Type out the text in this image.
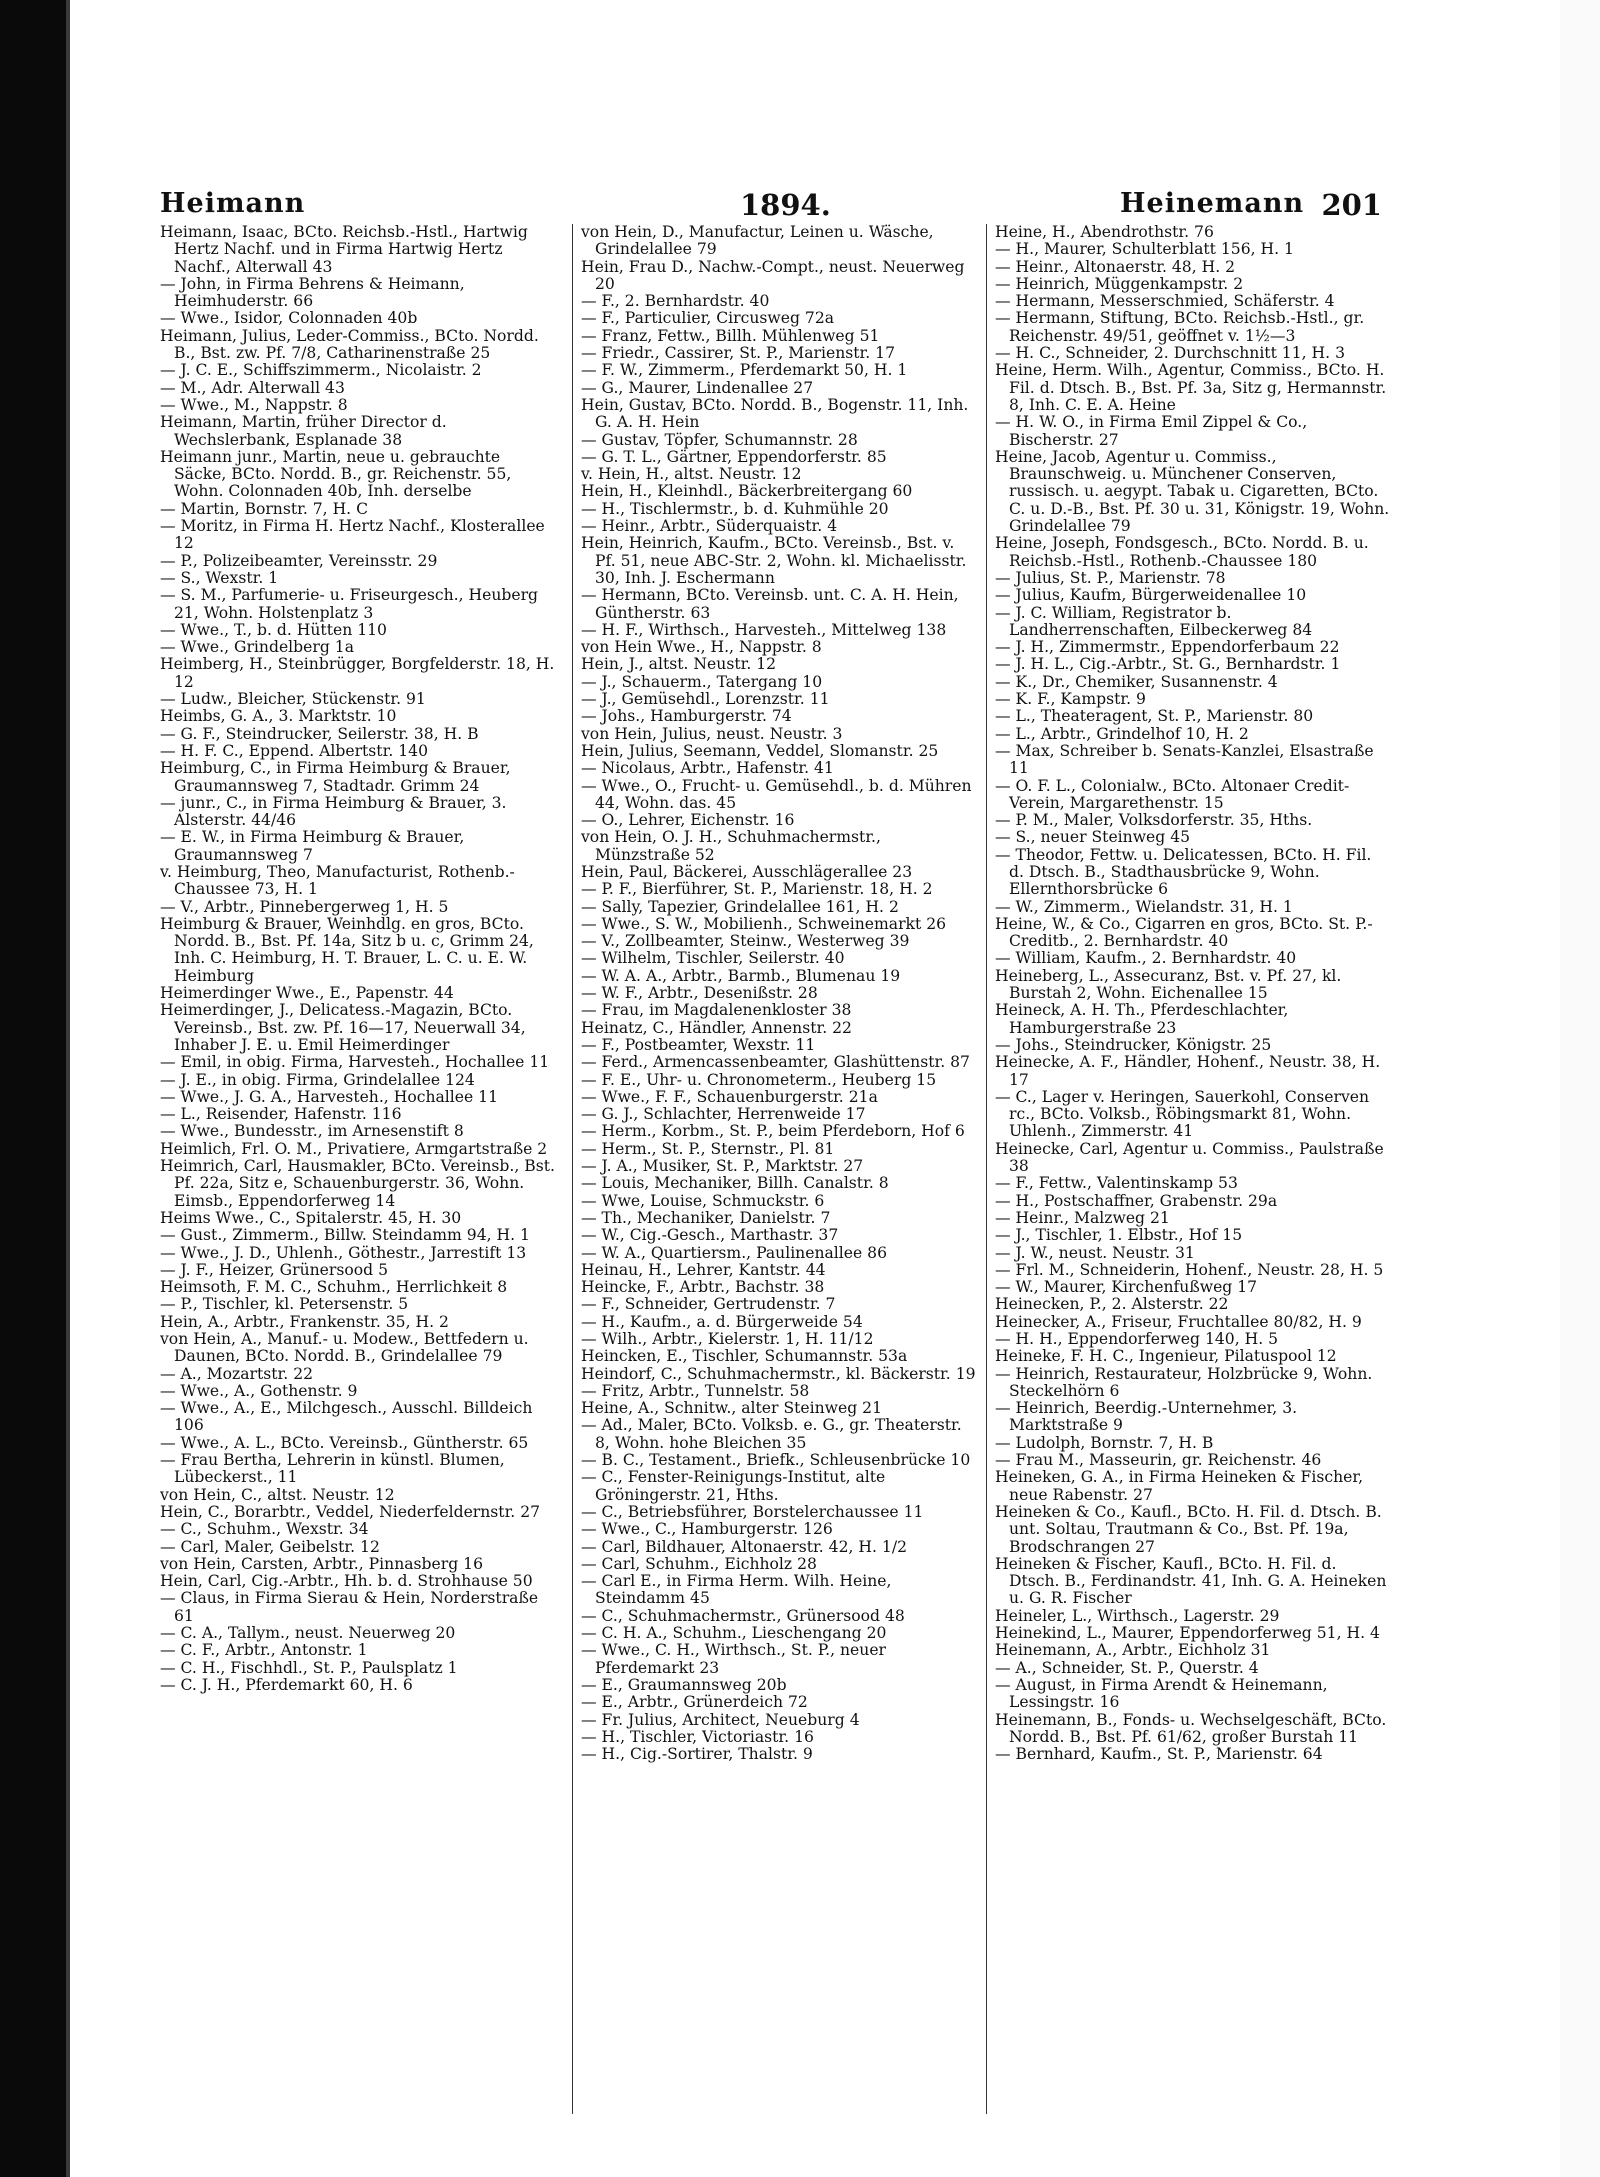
Heimann	1894.	Heinemann 201

Heimann, Isaac, BCto. Reichsb.-Hstl., Hartwig Hertz Nachf. und in Firma Hartwig Hertz Nachf., Alterwall 43

— John, in Firma Behrens & Heimann, Heimhuderstr. 66

— Wwe., Isidor, Colonnaden 40b

Heimann, Julius, Leder-Commiss., BCto. Nordd. B., Bst. zw. Pf. 7/8, Catharinenstraße 25

— J. C. E., Schiffszimmerm., Nicolaistr. 2

— M., Adr. Alterwall 43

— Wwe., M., Nappstr. 8

Heimann, Martin, früher Director d. Wechslerbank, Esplanade 38

Heimann junr., Martin, neue u. gebrauchte Säcke, BCto. Nordd. B., gr. Reichenstr. 55, Wohn. Colonnaden 40b, Inh. derselbe

— Martin, Bornstr. 7, H. C

— Moritz, in Firma H. Hertz Nachf., Klosterallee 12

— P., Polizeibeamter, Vereinsstr. 29

— S., Wexstr. 1

— S. M., Parfumerie- u. Friseurgesch., Heuberg 21, Wohn. Holstenplatz 3

— Wwe., T., b. d. Hütten 110

— Wwe., Grindelberg 1a

Heimberg, H., Steinbrügger, Borgfelderstr. 18, H. 12

— Ludw., Bleicher, Stückenstr. 91

Heimbs, G. A., 3. Marktstr. 10

— G. F., Steindrucker, Seilerstr. 38, H. B

— H. F. C., Eppend. Albertstr. 140

Heimburg, C., in Firma Heimburg & Brauer, Graumannsweg 7, Stadtadr. Grimm 24

— junr., C., in Firma Heimburg & Brauer, 3. Alsterstr. 44/46

— E. W., in Firma Heimburg & Brauer, Graumannsweg 7

v. Heimburg, Theo, Manufacturist, Rothenb.-Chaussee 73, H. 1

— V., Arbtr., Pinnebergerweg 1, H. 5

Heimburg & Brauer, Weinhdlg. en gros, BCto. Nordd. B., Bst. Pf. 14a, Sitz b u. c, Grimm 24, Inh. C. Heimburg, H. T. Brauer, L. C. u. E. W. Heimburg

Heimerdinger Wwe., E., Papenstr. 44

Heimerdinger, J., Delicatess.-Magazin, BCto. Vereinsb., Bst. zw. Pf. 16—17, Neuerwall 34, Inhaber J. E. u. Emil Heimerdinger

— Emil, in obig. Firma, Harvesteh., Hochallee 11

— J. E., in obig. Firma, Grindelallee 124

— Wwe., J. G. A., Harvesteh., Hochallee 11

— L., Reisender, Hafenstr. 116

— Wwe., Bundesstr., im Arnesenstift 8

Heimlich, Frl. O. M., Privatiere, Armgartstraße 2

Heimrich, Carl, Hausmakler, BCto. Vereinsb., Bst. Pf. 22a, Sitz e, Schauenburgerstr. 36, Wohn. Eimsb., Eppendorferweg 14

Heims Wwe., C., Spitalerstr. 45, H. 30

— Gust., Zimmerm., Billw. Steindamm 94, H. 1

— Wwe., J. D., Uhlenh., Göthestr., Jarrestift 13

— J. F., Heizer, Grünersood 5

Heimsoth, F. M. C., Schuhm., Herrlichkeit 8

— P., Tischler, kl. Petersenstr. 5

Hein, A., Arbtr., Frankenstr. 35, H. 2

von Hein, A., Manuf.- u. Modew., Bettfedern u. Daunen, BCto. Nordd. B., Grindelallee 79

— A., Mozartstr. 22

— Wwe., A., Gothenstr. 9

— Wwe., A., E., Milchgesch., Ausschl. Billdeich 106

— Wwe., A. L., BCto. Vereinsb., Güntherstr. 65

— Frau Bertha, Lehrerin in künstl. Blumen, Lübeckerst., 11

von Hein, C., altst. Neustr. 12

Hein, C., Borarbtr., Veddel, Niederfeldernstr. 27

— C., Schuhm., Wexstr. 34

— Carl, Maler, Geibelstr. 12

von Hein, Carsten, Arbtr., Pinnasberg 16

Hein, Carl, Cig.-Arbtr., Hh. b. d. Strohhause 50

— Claus, in Firma Sierau & Hein, Norderstraße 61

— C. A., Tallym., neust. Neuerweg 20

— C. F., Arbtr., Antonstr. 1

— C. H., Fischhdl., St. P., Paulsplatz 1

— C. J. H., Pferdemarkt 60, H. 6

von Hein, D., Manufactur, Leinen u. Wäsche, Grindelallee 79

Hein, Frau D., Nachw.-Compt., neust. Neuerweg 20

— F., 2. Bernhardstr. 40

— F., Particulier, Circusweg 72a

— Franz, Fettw., Billh. Mühlenweg 51

— Friedr., Cassirer, St. P., Marienstr. 17

— F. W., Zimmerm., Pferdemarkt 50, H. 1

— G., Maurer, Lindenallee 27

Hein, Gustav, BCto. Nordd. B., Bogenstr. 11, Inh. G. A. H. Hein

— Gustav, Töpfer, Schumannstr. 28

— G. T. L., Gärtner, Eppendorferstr. 85

v. Hein, H., altst. Neustr. 12

Hein, H., Kleinhdl., Bäckerbreitergang 60

— H., Tischlermstr., b. d. Kuhmühle 20

— Heinr., Arbtr., Süderquaistr. 4

Hein, Heinrich, Kaufm., BCto. Vereinsb., Bst. v. Pf. 51, neue ABC-Str. 2, Wohn. kl. Michaelisstr. 30, Inh. J. Eschermann

— Hermann, BCto. Vereinsb. unt. C. A. H. Hein, Güntherstr. 63

— H. F., Wirthsch., Harvesteh., Mittelweg 138

von Hein Wwe., H., Nappstr. 8

Hein, J., altst. Neustr. 12

— J., Schauerm., Tatergang 10

— J., Gemüsehdl., Lorenzstr. 11

— Johs., Hamburgerstr. 74

von Hein, Julius, neust. Neustr. 3

Hein, Julius, Seemann, Veddel, Slomanstr. 25

— Nicolaus, Arbtr., Hafenstr. 41

— Wwe., O., Frucht- u. Gemüsehdl., b. d. Mühren 44, Wohn. das. 45

— O., Lehrer, Eichenstr. 16

von Hein, O. J. H., Schuhmachermstr., Münzstraße 52

Hein, Paul, Bäckerei, Ausschlägerallee 23

— P. F., Bierführer, St. P., Marienstr. 18, H. 2

— Sally, Tapezier, Grindelallee 161, H. 2

— Wwe., S. W., Mobilienh., Schweinemarkt 26

— V., Zollbeamter, Steinw., Westerweg 39

— Wilhelm, Tischler, Seilerstr. 40

— W. A. A., Arbtr., Barmb., Blumenau 19

— W. F., Arbtr., Desenißstr. 28

— Frau, im Magdalenenkloster 38

Heinatz, C., Händler, Annenstr. 22

— F., Postbeamter, Wexstr. 11

— Ferd., Armencassenbeamter, Glashüttenstr. 87

— F. E., Uhr- u. Chronometerm., Heuberg 15

— Wwe., F. F., Schauenburgerstr. 21a

— G. J., Schlachter, Herrenweide 17

— Herm., Korbm., St. P., beim Pferdeborn, Hof 6

— Herm., St. P., Sternstr., Pl. 81

— J. A., Musiker, St. P., Marktstr. 27

— Louis, Mechaniker, Billh. Canalstr. 8

— Wwe, Louise, Schmuckstr. 6

— Th., Mechaniker, Danielstr. 7

— W., Cig.-Gesch., Marthastr. 37

— W. A., Quartiersm., Paulinenallee 86

Heinau, H., Lehrer, Kantstr. 44

Heincke, F., Arbtr., Bachstr. 38

— F., Schneider, Gertrudenstr. 7

— H., Kaufm., a. d. Bürgerweide 54

— Wilh., Arbtr., Kielerstr. 1, H. 11/12

Heincken, E., Tischler, Schumannstr. 53a

Heindorf, C., Schuhmachermstr., kl. Bäckerstr. 19

— Fritz, Arbtr., Tunnelstr. 58

Heine, A., Schnitw., alter Steinweg 21

— Ad., Maler, BCto. Volksb. e. G., gr. Theaterstr. 8, Wohn. hohe Bleichen 35

— B. C., Testament., Briefk., Schleusenbrücke 10

— C., Fenster-Reinigungs-Institut, alte Gröningerstr. 21, Hths.

— C., Betriebsführer, Borstelerchaussee 11

— Wwe., C., Hamburgerstr. 126

— Carl, Bildhauer, Altonaerstr. 42, H. 1/2

— Carl, Schuhm., Eichholz 28

— Carl E., in Firma Herm. Wilh. Heine, Steindamm 45

— C., Schuhmachermstr., Grünersood 48

— C. H. A., Schuhm., Lieschengang 20

— Wwe., C. H., Wirthsch., St. P., neuer Pferdemarkt 23

— E., Graumannsweg 20b

— E., Arbtr., Grünerdeich 72

— Fr. Julius, Architect, Neueburg 4

— H., Tischler, Victoriastr. 16

— H., Cig.-Sortirer, Thalstr. 9

Heine, H., Abendrothstr. 76

— H., Maurer, Schulterblatt 156, H. 1

— Heinr., Altonaerstr. 48, H. 2

— Heinrich, Müggenkampstr. 2

— Hermann, Messerschmied, Schäferstr. 4

— Hermann, Stiftung, BCto. Reichsb.-Hstl., gr. Reichenstr. 49/51, geöffnet v. 1½—3

— H. C., Schneider, 2. Durchschnitt 11, H. 3

Heine, Herm. Wilh., Agentur, Commiss., BCto. H. Fil. d. Dtsch. B., Bst. Pf. 3a, Sitz g, Hermannstr. 8, Inh. C. E. A. Heine

— H. W. O., in Firma Emil Zippel & Co., Bischerstr. 27

Heine, Jacob, Agentur u. Commiss., Braunschweig. u. Münchener Conserven, russisch. u. aegypt. Tabak u. Cigaretten, BCto. C. u. D.-B., Bst. Pf. 30 u. 31, Königstr. 19, Wohn. Grindelallee 79

Heine, Joseph, Fondsgesch., BCto. Nordd. B. u. Reichsb.-Hstl., Rothenb.-Chaussee 180

— Julius, St. P., Marienstr. 78

— Julius, Kaufm, Bürgerweidenallee 10

— J. C. William, Registrator b. Landherrenschaften, Eilbeckerweg 84

— J. H., Zimmermstr., Eppendorferbaum 22

— J. H. L., Cig.-Arbtr., St. G., Bernhardstr. 1

— K., Dr., Chemiker, Susannenstr. 4

— K. F., Kampstr. 9

— L., Theateragent, St. P., Marienstr. 80

— L., Arbtr., Grindelhof 10, H. 2

— Max, Schreiber b. Senats-Kanzlei, Elsastraße 11

— O. F. L., Colonialw., BCto. Altonaer Credit-Verein, Margarethenstr. 15

— P. M., Maler, Volksdorferstr. 35, Hths.

— S., neuer Steinweg 45

— Theodor, Fettw. u. Delicatessen, BCto. H. Fil. d. Dtsch. B., Stadthausbrücke 9, Wohn. Ellernthorsbrücke 6

— W., Zimmerm., Wielandstr. 31, H. 1

Heine, W., & Co., Cigarren en gros, BCto. St. P.-Creditb., 2. Bernhardstr. 40

— William, Kaufm., 2. Bernhardstr. 40

Heineberg, L., Assecuranz, Bst. v. Pf. 27, kl. Burstah 2, Wohn. Eichenallee 15

Heineck, A. H. Th., Pferdeschlachter, Hamburgerstraße 23

— Johs., Steindrucker, Königstr. 25

Heinecke, A. F., Händler, Hohenf., Neustr. 38, H. 17

— C., Lager v. Heringen, Sauerkohl, Conserven rc., BCto. Volksb., Röbingsmarkt 81, Wohn. Uhlenh., Zimmerstr. 41

Heinecke, Carl, Agentur u. Commiss., Paulstraße 38

— F., Fettw., Valentinskamp 53

— H., Postschaffner, Grabenstr. 29a

— Heinr., Malzweg 21

— J., Tischler, 1. Elbstr., Hof 15

— J. W., neust. Neustr. 31

— Frl. M., Schneiderin, Hohenf., Neustr. 28, H. 5

— W., Maurer, Kirchenfußweg 17

Heinecken, P., 2. Alsterstr. 22

Heinecker, A., Friseur, Fruchtallee 80/82, H. 9

— H. H., Eppendorferweg 140, H. 5

Heineke, F. H. C., Ingenieur, Pilatuspool 12

— Heinrich, Restaurateur, Holzbrücke 9, Wohn. Steckelhörn 6

— Heinrich, Beerdig.-Unternehmer, 3. Marktstraße 9

— Ludolph, Bornstr. 7, H. B

— Frau M., Masseurin, gr. Reichenstr. 46

Heineken, G. A., in Firma Heineken & Fischer, neue Rabenstr. 27

Heineken & Co., Kaufl., BCto. H. Fil. d. Dtsch. B. unt. Soltau, Trautmann & Co., Bst. Pf. 19a, Brodschrangen 27

Heineken & Fischer, Kaufl., BCto. H. Fil. d. Dtsch. B., Ferdinandstr. 41, Inh. G. A. Heineken u. G. R. Fischer

Heineler, L., Wirthsch., Lagerstr. 29

Heinekind, L., Maurer, Eppendorferweg 51, H. 4

Heinemann, A., Arbtr., Eichholz 31

— A., Schneider, St. P., Querstr. 4

— August, in Firma Arendt & Heinemann, Lessingstr. 16

Heinemann, B., Fonds- u. Wechselgeschäft, BCto. Nordd. B., Bst. Pf. 61/62, großer Burstah 11

— Bernhard, Kaufm., St. P., Marienstr. 64
